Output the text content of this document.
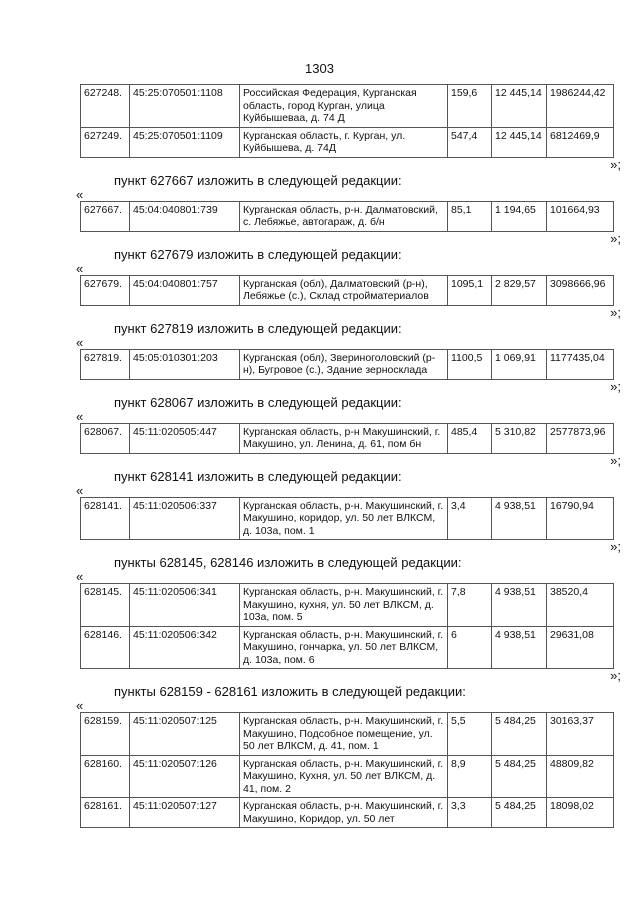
1303
627248.	45:25:070501:1108	Российская Федерация, Курганская область, город Курган, улица Куйбышеваа, д. 74 Д	159,6	12 445,14	1986244,42
627249.	45:25:070501:1109	Курганская область, г. Курган, ул. Куйбышева, д. 74Д	547,4	12 445,14	6812469,9
»;
пункт 627667 изложить в следующей редакции:
«
627667.	45:04:040801:739	Курганская область, р-н. Далматовский, с. Лебяжье, автогараж, д. б/н	85,1	1 194,65	101664,93
»;
пункт 627679 изложить в следующей редакции:
«
627679.	45:04:040801:757	Курганская (обл), Далматовский (р-н), Лебяжье (с.), Склад стройматериалов	1095,1	2 829,57	3098666,96
»;
пункт 627819 изложить в следующей редакции:
«
627819.	45:05:010301:203	Курганская (обл), Звериноголовский (р-н), Бугровое (с.), Здание зерносклада	1100,5	1 069,91	1177435,04
»;
пункт 628067 изложить в следующей редакции:
«
628067.	45:11:020505:447	Курганская область, р-н Макушинский, г. Макушино, ул. Ленина, д. 61, пом бн	485,4	5 310,82	2577873,96
»;
пункт 628141 изложить в следующей редакции:
«
628141.	45:11:020506:337	Курганская область, р-н. Макушинский, г. Макушино, коридор, ул. 50 лет ВЛКСМ, д. 103а, пом. 1	3,4	4 938,51	16790,94
»;
пункты 628145, 628146 изложить в следующей редакции:
«
628145.	45:11:020506:341	Курганская область, р-н. Макушинский, г. Макушино, кухня, ул. 50 лет ВЛКСМ, д. 103а, пом. 5	7,8	4 938,51	38520,4
628146.	45:11:020506:342	Курганская область, р-н. Макушинский, г. Макушино, гончарка, ул. 50 лет ВЛКСМ, д. 103а, пом. 6	6	4 938,51	29631,08
»;
пункты 628159 - 628161 изложить в следующей редакции:
«
628159.	45:11:020507:125	Курганская область, р-н. Макушинский, г. Макушино, Подсобное помещение, ул. 50 лет ВЛКСМ, д. 41, пом. 1	5,5	5 484,25	30163,37
628160.	45:11:020507:126	Курганская область, р-н. Макушинский, г. Макушино, Кухня, ул. 50 лет ВЛКСМ, д. 41, пом. 2	8,9	5 484,25	48809,82
628161.	45:11:020507:127	Курганская область, р-н. Макушинский, г. Макушино, Коридор, ул. 50 лет	3,3	5 484,25	18098,02
